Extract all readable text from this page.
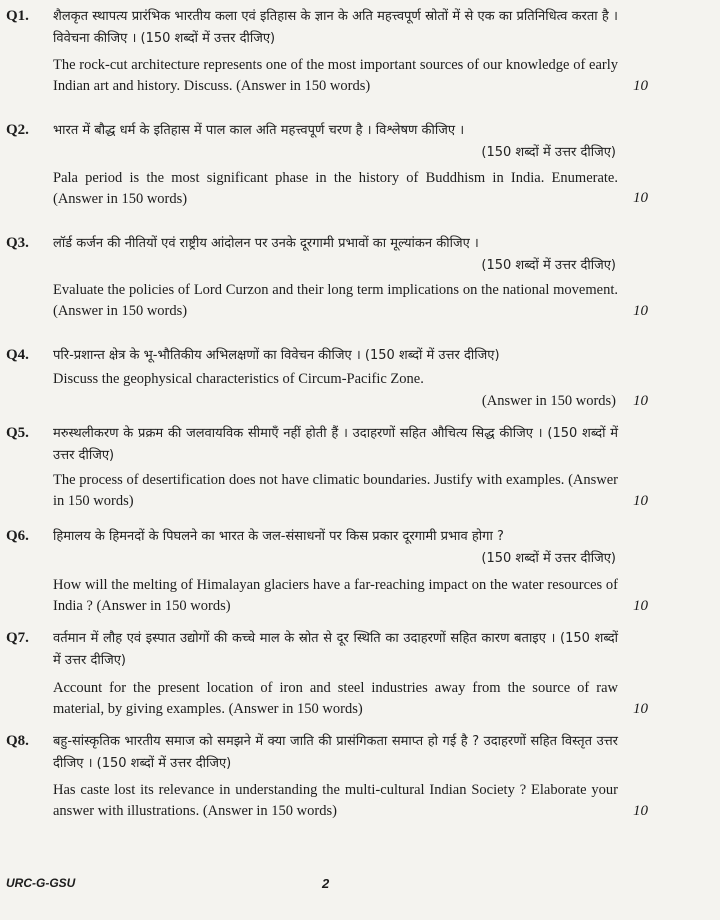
Q1. शैलकृत स्थापत्य प्रारंभिक भारतीय कला एवं इतिहास के ज्ञान के अति महत्त्वपूर्ण स्रोतों में से एक का प्रतिनिधित्व करता है । विवेचना कीजिए । (150 शब्दों में उत्तर दीजिए)
The rock-cut architecture represents one of the most important sources of our knowledge of early Indian art and history. Discuss. (Answer in 150 words)	10
Q2. भारत में बौद्ध धर्म के इतिहास में पाल काल अति महत्त्वपूर्ण चरण है । विश्लेषण कीजिए ।
(150 शब्दों में उत्तर दीजिए)
Pala period is the most significant phase in the history of Buddhism in India. Enumerate. (Answer in 150 words)	10
Q3. लॉर्ड कर्जन की नीतियों एवं राष्ट्रीय आंदोलन पर उनके दूरगामी प्रभावों का मूल्यांकन कीजिए ।
(150 शब्दों में उत्तर दीजिए)
Evaluate the policies of Lord Curzon and their long term implications on the national movement. (Answer in 150 words)	10
Q4. परि-प्रशान्त क्षेत्र के भू-भौतिकीय अभिलक्षणों का विवेचन कीजिए । (150 शब्दों में उत्तर दीजिए)
Discuss the geophysical characteristics of Circum-Pacific Zone.
(Answer in 150 words) 10
Q5. मरुस्थलीकरण के प्रक्रम की जलवायविक सीमाएँ नहीं होती हैं । उदाहरणों सहित औचित्य सिद्ध कीजिए । (150 शब्दों में उत्तर दीजिए)
The process of desertification does not have climatic boundaries. Justify with examples. (Answer in 150 words)	10
Q6. हिमालय के हिमनदों के पिघलने का भारत के जल-संसाधनों पर किस प्रकार दूरगामी प्रभाव होगा ?
(150 शब्दों में उत्तर दीजिए)
How will the melting of Himalayan glaciers have a far-reaching impact on the water resources of India ? (Answer in 150 words)	10
Q7. वर्तमान में लौह एवं इस्पात उद्योगों की कच्चे माल के स्रोत से दूर स्थिति का उदाहरणों सहित कारण बताइए । (150 शब्दों में उत्तर दीजिए)
Account for the present location of iron and steel industries away from the source of raw material, by giving examples. (Answer in 150 words)	10
Q8. बहु-सांस्कृतिक भारतीय समाज को समझने में क्या जाति की प्रासंगिकता समाप्त हो गई है ? उदाहरणों सहित विस्तृत उत्तर दीजिए । (150 शब्दों में उत्तर दीजिए)
Has caste lost its relevance in understanding the multi-cultural Indian Society ? Elaborate your answer with illustrations. (Answer in 150 words)	10
URC-G-GSU	2
